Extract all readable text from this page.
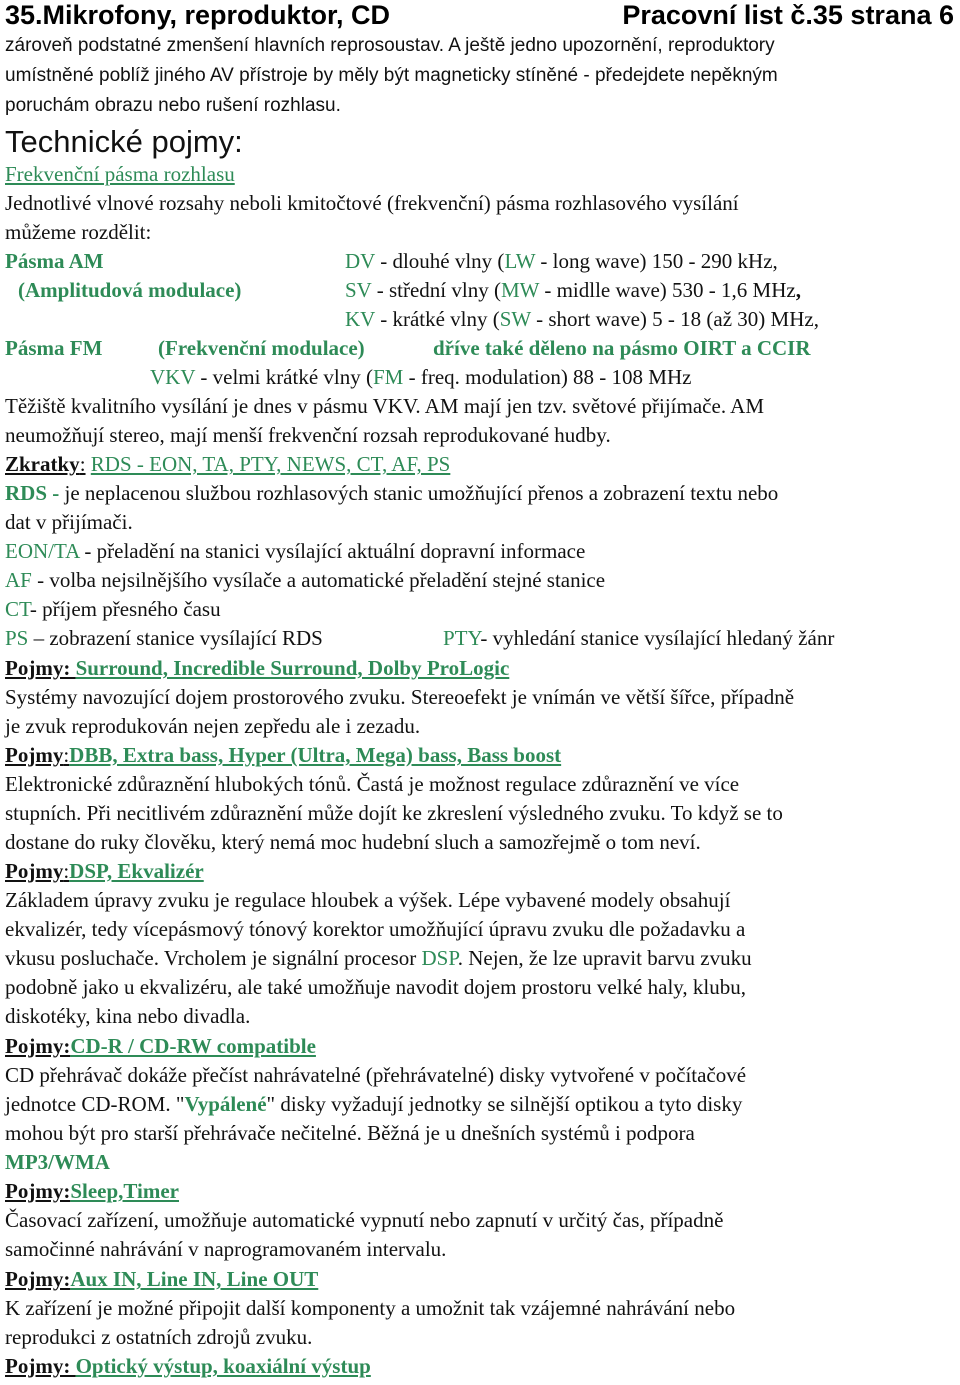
35.Mikrofony, reproduktor, CD	Pracovní list č.35 strana 6
zároveň podstatné zmenšení hlavních reprosoustav. A ještě jedno upozornění, reproduktory
umístněné poblíž jiného AV přístroje by měly být magneticky stíněné - předejdete nepěkným
poruchám obrazu nebo rušení rozhlasu.
Technické pojmy:
Frekvenční pásma rozhlasu
Jednotlivé vlnové rozsahy neboli kmitočtové (frekvenční) pásma rozhlasového vysílání
můžeme rozdělit:
Pásma AM	DV - dlouhé vlny (LW - long wave) 150 - 290 kHz,
(Amplitudová modulace)	SV - střední vlny (MW - midlle wave) 530 - 1,6 MHz,
KV - krátké vlny (SW - short wave) 5 - 18 (až 30) MHz,
Pásma FM	(Frekvenční modulace)	dříve také děleno na pásmo OIRT a CCIR
VKV - velmi krátké vlny (FM - freq. modulation) 88 - 108 MHz
Těžiště kvalitního vysílání je dnes v pásmu VKV. AM mají jen tzv. světové přijímače. AM
neumožňují stereo, mají menší frekvenční rozsah reprodukované hudby.
Zkratky: RDS - EON, TA, PTY, NEWS, CT, AF, PS
RDS - je neplacenou službou rozhlasových stanic umožňující přenos a zobrazení textu nebo
dat v přijímači.
EON/TA - přeladění na stanici vysílající aktuální dopravní informace
AF - volba nejsilnějšího vysílače a automatické přeladění stejné stanice
CT- příjem přesného času
PS – zobrazení stanice vysílající RDS	PTY- vyhledání stanice vysílající hledaný žánr
Pojmy: Surround, Incredible Surround, Dolby ProLogic
Systémy navozující dojem prostorového zvuku. Stereoefekt je vnímán ve větší šířce, případně
je zvuk reprodukován nejen zepředu ale i zezadu.
Pojmy:DBB, Extra bass, Hyper (Ultra, Mega) bass, Bass boost
Elektronické zdůraznění hlubokých tónů. Častá je možnost regulace zdůraznění ve více
stupních. Při necitlivém zdůraznění může dojít ke zkreslení výsledného zvuku. To když se to
dostane do ruky člověku, který nemá moc hudební sluch a samozřejmě o tom neví.
Pojmy:DSP, Ekvalizér
Základem úpravy zvuku je regulace hloubek a výšek. Lépe vybavené modely obsahují
ekvalizér, tedy vícepásmový tónový korektor umožňující úpravu zvuku dle požadavku a
vkusu posluchače. Vrcholem je signální procesor DSP. Nejen, že lze upravit barvu zvuku
podobně jako u ekvalizéru, ale také umožňuje navodit dojem prostoru velké haly, klubu,
diskotéky, kina nebo divadla.
Pojmy:CD-R / CD-RW compatible
CD přehrávač dokáže přečíst nahrávatelné (přehrávatelné) disky vytvořené v počítačové
jednotce CD-ROM. "Vypálené" disky vyžadují jednotky se silnější optikou a tyto disky
mohou být pro starší přehrávače nečitelné. Běžná je u dnešních systémů i podpora
MP3/WMA
Pojmy:Sleep,Timer
Časovací zařízení, umožňuje automatické vypnutí nebo zapnutí v určitý čas, případně
samočinné nahrávání v naprogramovaném intervalu.
Pojmy:Aux IN, Line IN, Line OUT
K zařízení je možné připojit další komponenty a umožnit tak vzájemné nahrávání nebo
reprodukci z ostatních zdrojů zvuku.
Pojmy: Optický výstup, koaxiální výstup
